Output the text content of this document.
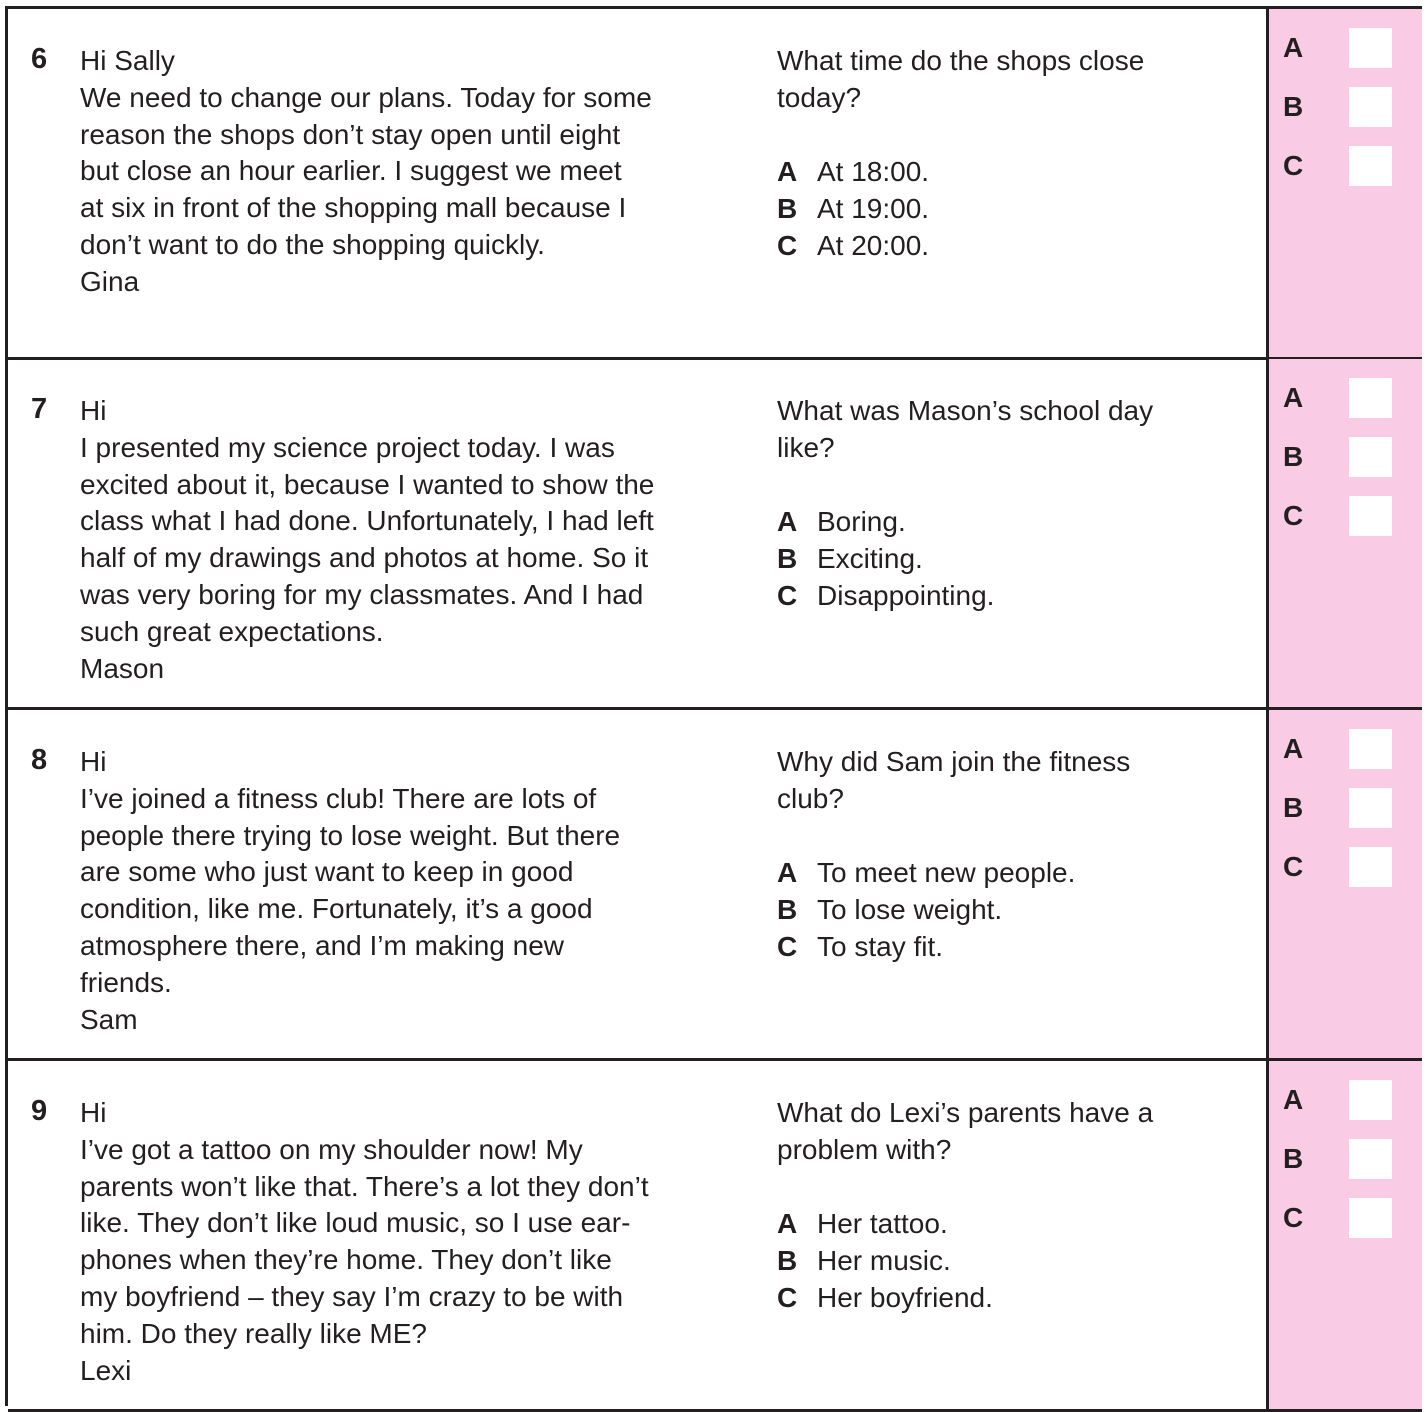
6 Hi Sally
We need to change our plans. Today for some
reason the shops don’t stay open until eight
but close an hour earlier. I suggest we meet
at six in front of the shopping mall because I
don’t want to do the shopping quickly.
Gina
What time do the shops close
today?
A At 18:00.
B At 19:00.
C At 20:00.
A
B
C
7 Hi
I presented my science project today. I was
excited about it, because I wanted to show the
class what I had done. Unfortunately, I had left
half of my drawings and photos at home. So it
was very boring for my classmates. And I had
such great expectations.
Mason
What was Mason’s school day
like?
A Boring.
B Exciting.
C Disappointing.
A
B
C
8 Hi
I’ve joined a fitness club! There are lots of
people there trying to lose weight. But there
are some who just want to keep in good
condition, like me. Fortunately, it’s a good
atmosphere there, and I’m making new
friends.
Sam
Why did Sam join the fitness
club?
A To meet new people.
B To lose weight.
C To stay fit.
A
B
C
9 Hi
I’ve got a tattoo on my shoulder now! My
parents won’t like that. There’s a lot they don’t
like. They don’t like loud music, so I use ear-
phones when they’re home. They don’t like
my boyfriend – they say I’m crazy to be with
him. Do they really like ME?
Lexi
What do Lexi’s parents have a
problem with?
A Her tattoo.
B Her music.
C Her boyfriend.
A
B
C
